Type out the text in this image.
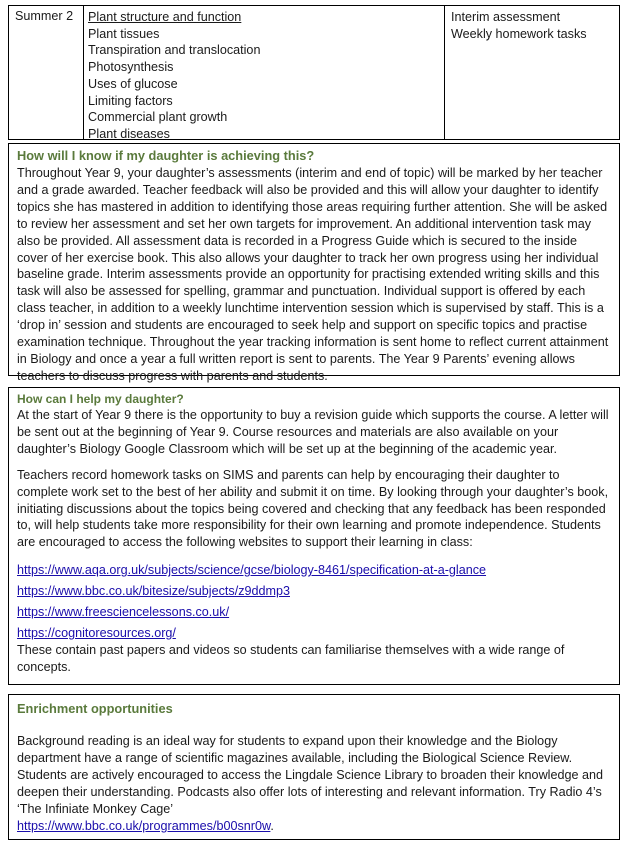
Summer 2 Plant structure and function
Plant tissues
Transpiration and translocation
Photosynthesis
Uses of glucose
Limiting factors
Commercial plant growth
Plant diseases
Interim assessment
Weekly homework tasks
How will I know if my daughter is achieving this?

Throughout Year 9, your daughter’s assessments (interim and end of topic) will be marked by her teacher and a grade awarded. Teacher feedback will also be provided and this will allow your daughter to identify topics she has mastered in addition to identifying those areas requiring further attention. She will be asked to review her assessment and set her own targets for improvement. An additional intervention task may also be provided. All assessment data is recorded in a Progress Guide which is secured to the inside cover of her exercise book. This also allows your daughter to track her own progress using her individual baseline grade. Interim assessments provide an opportunity for practising extended writing skills and this task will also be assessed for spelling, grammar and punctuation. Individual support is offered by each class teacher, in addition to a weekly lunchtime intervention session which is supervised by staff. This is a ‘drop in’ session and students are encouraged to seek help and support on specific topics and practise examination technique. Throughout the year tracking information is sent home to reflect current attainment in Biology and once a year a full written report is sent to parents. The Year 9 Parents’ evening allows teachers to discuss progress with parents and students.

How can I help my daughter?

At the start of Year 9 there is the opportunity to buy a revision guide which supports the course. A letter will be sent out at the beginning of Year 9. Course resources and materials are also available on your daughter’s Biology Google Classroom which will be set up at the beginning of the academic year.

Teachers record homework tasks on SIMS and parents can help by encouraging their daughter to complete work set to the best of her ability and submit it on time. By looking through your daughter’s book, initiating discussions about the topics being covered and checking that any feedback has been responded to, will help students take more responsibility for their own learning and promote independence. Students are encouraged to access the following websites to support their learning in class:

https://www.aqa.org.uk/subjects/science/gcse/biology-8461/specification-at-a-glance
https://www.bbc.co.uk/bitesize/subjects/z9ddmp3
https://www.freesciencelessons.co.uk/
https://cognitoresources.org/

These contain past papers and videos so students can familiarise themselves with a wide range of concepts.

Enrichment opportunities

Background reading is an ideal way for students to expand upon their knowledge and the Biology department have a range of scientific magazines available, including the Biological Science Review. Students are actively encouraged to access the Lingdale Science Library to broaden their knowledge and deepen their understanding. Podcasts also offer lots of interesting and relevant information. Try Radio 4’s ‘The Infiniate Monkey Cage’
https://www.bbc.co.uk/programmes/b00snr0w.
